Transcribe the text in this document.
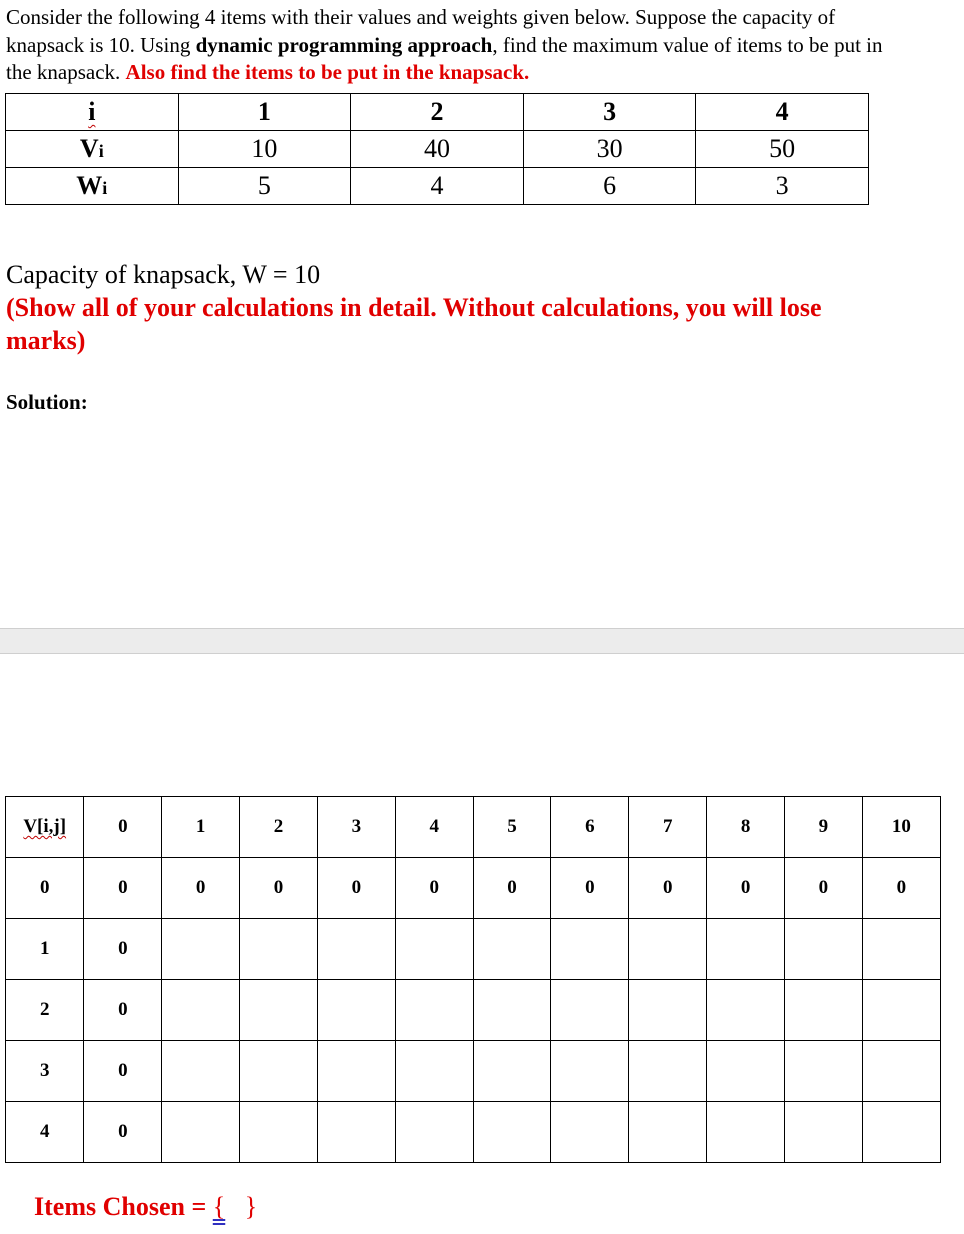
Consider the following 4 items with their values and weights given below. Suppose the capacity of knapsack is 10. Using dynamic programming approach, find the maximum value of items to be put in the knapsack. Also find the items to be put in the knapsack.
i	1	2	3	4
Vi	10	40	30	50
Wi	5	4	6	3
Capacity of knapsack, W = 10
(Show all of your calculations in detail. Without calculations, you will lose marks)
Solution:
V[i,j]	0	1	2	3	4	5	6	7	8	9	10
0	0	0	0	0	0	0	0	0	0	0	0
1	0										
2	0										
3	0										
4	0										
Items Chosen = { }
